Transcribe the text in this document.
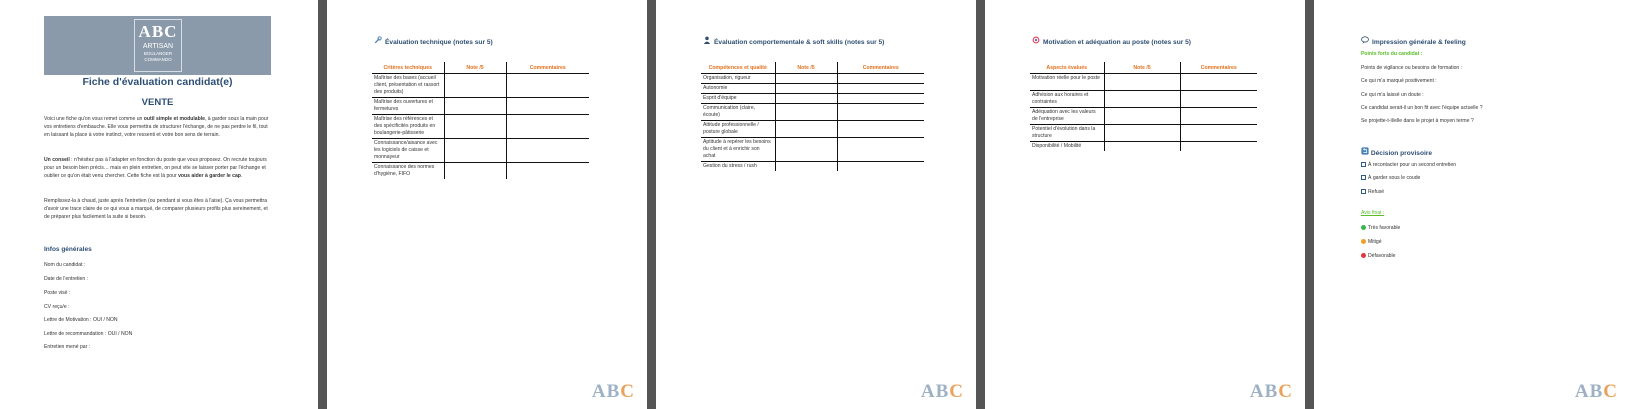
ABC
ARTISAN
BOULANGER
COMMANDO
Fiche d'évaluation candidat(e)
VENTE

Voici une fiche qu'on vous remet comme un outil simple et modulable, à garder sous la main pour vos entretiens d'embauche. Elle vous permettra de structurer l'échange, de ne pas perdre le fil, tout en laissant la place à votre instinct, votre ressenti et votre bon sens de terrain.

Un conseil : n'hésitez pas à l'adapter en fonction du poste que vous proposez. On recrute toujours pour un besoin bien précis… mais en plein entretien, on peut vite se laisser porter par l'échange et oublier ce qu'on était venu chercher. Cette fiche est là pour vous aider à garder le cap.

Remplissez-la à chaud, juste après l'entretien (ou pendant si vous êtes à l'aise). Ça vous permettra d'avoir une trace claire de ce qui vous a marqué, de comparer plusieurs profils plus sereinement, et de préparer plus facilement la suite si besoin.

Infos générales
Nom du candidat :
Date de l'entretien :
Poste visé :
CV reçu/e :
Lettre de Motivation : OUI / NON
Lettre de recommandation : OUI / NON
Entretien mené par :
Évaluation technique (notes sur 5)
Critères techniques	Note /5	Commentaires
Maîtrise des bases (accueil client, présentation et rassort des produits)		
Maîtrise des ouvertures et fermetures		
Maîtrise des références et des spécificités produits en boulangerie-pâtisserie		
Connaissance/aisance avec les logiciels de caisse et monnayeur		
Connaissance des normes d'hygiène, FIFO		
ABC
Évaluation comportementale & soft skills (notes sur 5)
Compétences et qualité	Note /5	Commentaires
Organisation, rigueur		
Autonomie		
Esprit d'équipe		
Communication (claire, écoute)		
Attitude professionnelle / posture globale		
Aptitude à repérer les besoins du client et à enrichir son achat		
Gestion du stress / rush		
ABC
Motivation et adéquation au poste (notes sur 5)
Aspects évalués	Note /5	Commentaires
Motivation réelle pour le poste		
Adhésion aux horaires et contraintes		
Adéquation avec les valeurs de l'entreprise		
Potentiel d'évolution dans la structure		
Disponibilité / Mobilité		
ABC
Impression générale & feeling
Points forts du candidat :
Points de vigilance ou besoins de formation :
Ce qui m'a marqué positivement :
Ce qui m'a laissé un doute :
Ce candidat serait-il un bon fit avec l'équipe actuelle ?
Se projette-t-il/elle dans le projet à moyen terme ?
Décision provisoire
À recontacter pour un second entretien
À garder sous le coude
Refusé
Avis final :
Très favorable
Mitigé
Défavorable
ABC
